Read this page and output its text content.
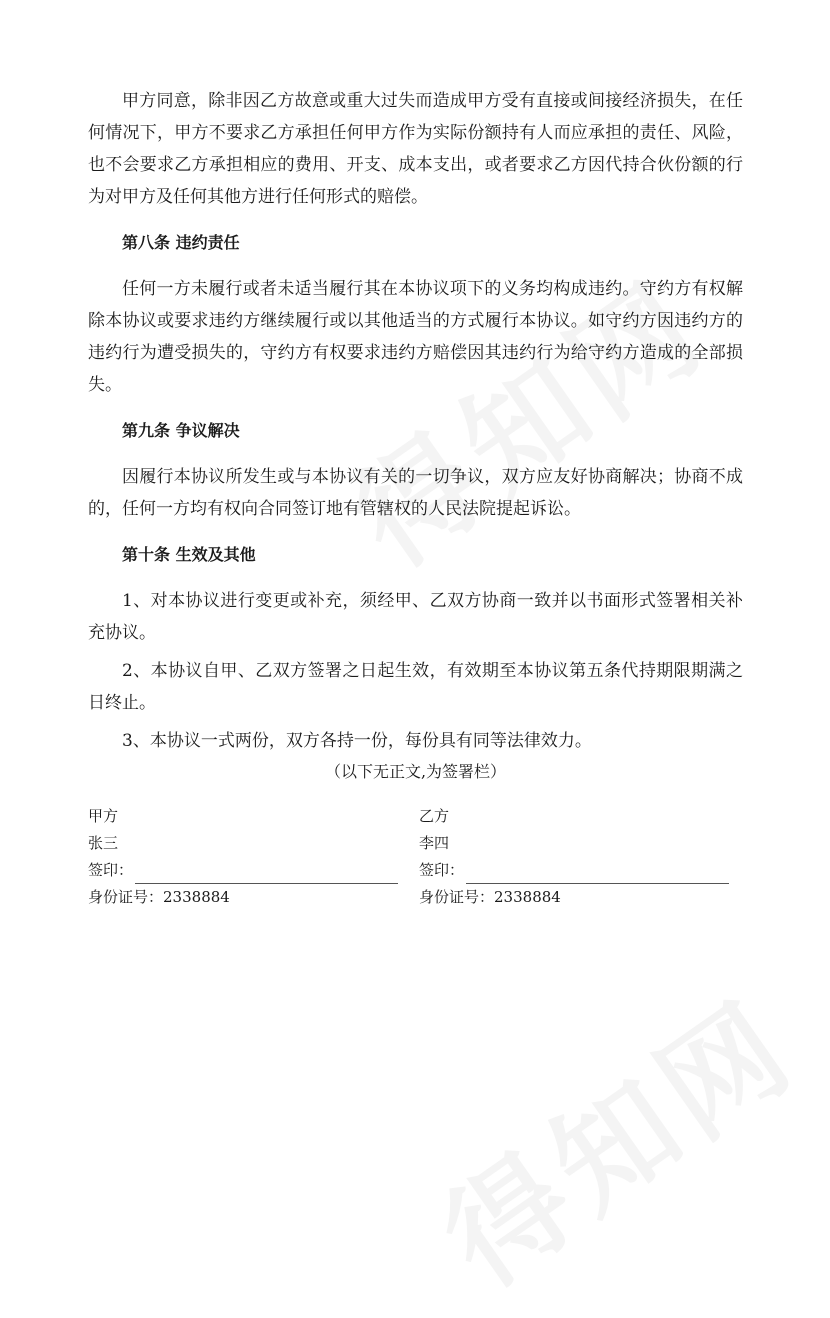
甲方同意，除非因乙方故意或重大过失而造成甲方受有直接或间接经济损失，在任何情况下，甲方不要求乙方承担任何甲方作为实际份额持有人而应承担的责任、风险，也不会要求乙方承担相应的费用、开支、成本支出，或者要求乙方因代持合伙份额的行为对甲方及任何其他方进行任何形式的赔偿。

第八条 违约责任

任何一方未履行或者未适当履行其在本协议项下的义务均构成违约。守约方有权解除本协议或要求违约方继续履行或以其他适当的方式履行本协议。如守约方因违约方的违约行为遭受损失的，守约方有权要求违约方赔偿因其违约行为给守约方造成的全部损失。

第九条 争议解决

因履行本协议所发生或与本协议有关的一切争议，双方应友好协商解决；协商不成的，任何一方均有权向合同签订地有管辖权的人民法院提起诉讼。

第十条 生效及其他

1、对本协议进行变更或补充，须经甲、乙双方协商一致并以书面形式签署相关补充协议。

2、本协议自甲、乙双方签署之日起生效，有效期至本协议第五条代持期限期满之日终止。

3、本协议一式两份，双方各持一份，每份具有同等法律效力。

（以下无正文,为签署栏）

甲方
张三
签印：
身份证号： 2338884
乙方
李四
签印：
身份证号： 2338884
